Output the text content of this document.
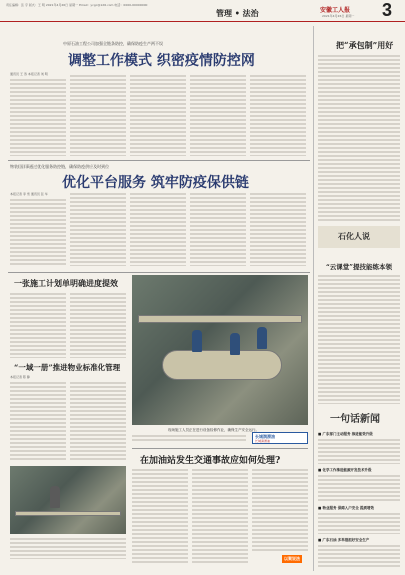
责任编辑：张 宇 版式：王 明 2021年4月26日 星期一 Email：ycgc@126.com 电话：0000-00000000
管理 • 法治	安徽工人报
2021年4月26日 星期一 3
中原石油工程公司加强全链条防控，确保防疫生产两不误
调整工作模式 织密疫情防控网
通讯员 王 涛 本报记者 刘 明
物装(国)事通过优化服务防控链，确保防疫供应及时到位
优化平台服务 筑牢防疫保供链
本报记者 李 雪 通讯员 张 华
一张施工计划单明确进度提效
“一域一册”推进物业标准化管理
本报记者 陈 静
现场施工人员正在进行设备检修作业，确保生产安全运行。
长城润滑油
长城润滑油
在加油站发生交通事故应如何处理?
以案说法
把“承包制”用好
石化人说
“云课堂”提技能练本领
一句话新闻
■ 广东部门主动服务 推进能效升级
■ 化学工作推进能源开发技术升级
■ 物业服务 保障入户安全 提质增效
■ 广东石油 多举措抓好安全生产
